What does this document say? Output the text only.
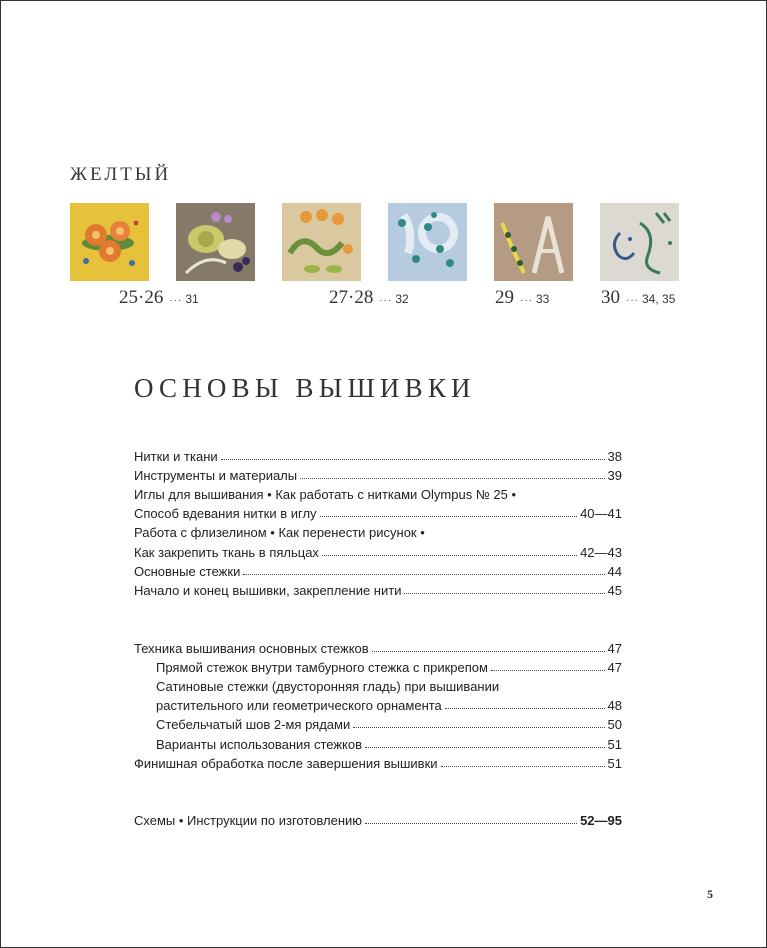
ЖЕЛТЫЙ
25·26 ··· 31	27·28 ··· 32	29 ··· 33	30 ··· 34, 35
ОСНОВЫ ВЫШИВКИ
Нитки и ткани	38
Инструменты и материалы	39
Иглы для вышивания • Как работать с нитками Olympus № 25 •
Способ вдевания нитки в иглу	40—41
Работа с флизелином • Как перенести рисунок •
Как закрепить ткань в пяльцах	42—43
Основные стежки	44
Начало и конец вышивки, закрепление нити	45
Техника вышивания основных стежков	47
Прямой стежок внутри тамбурного стежка с прикрепом	47
Сатиновые стежки (двусторонняя гладь) при вышивании
растительного или геометрического орнамента	48
Стебельчатый шов 2-мя рядами	50
Варианты использования стежков	51
Финишная обработка после завершения вышивки	51
Схемы • Инструкции по изготовлению	52—95
5
